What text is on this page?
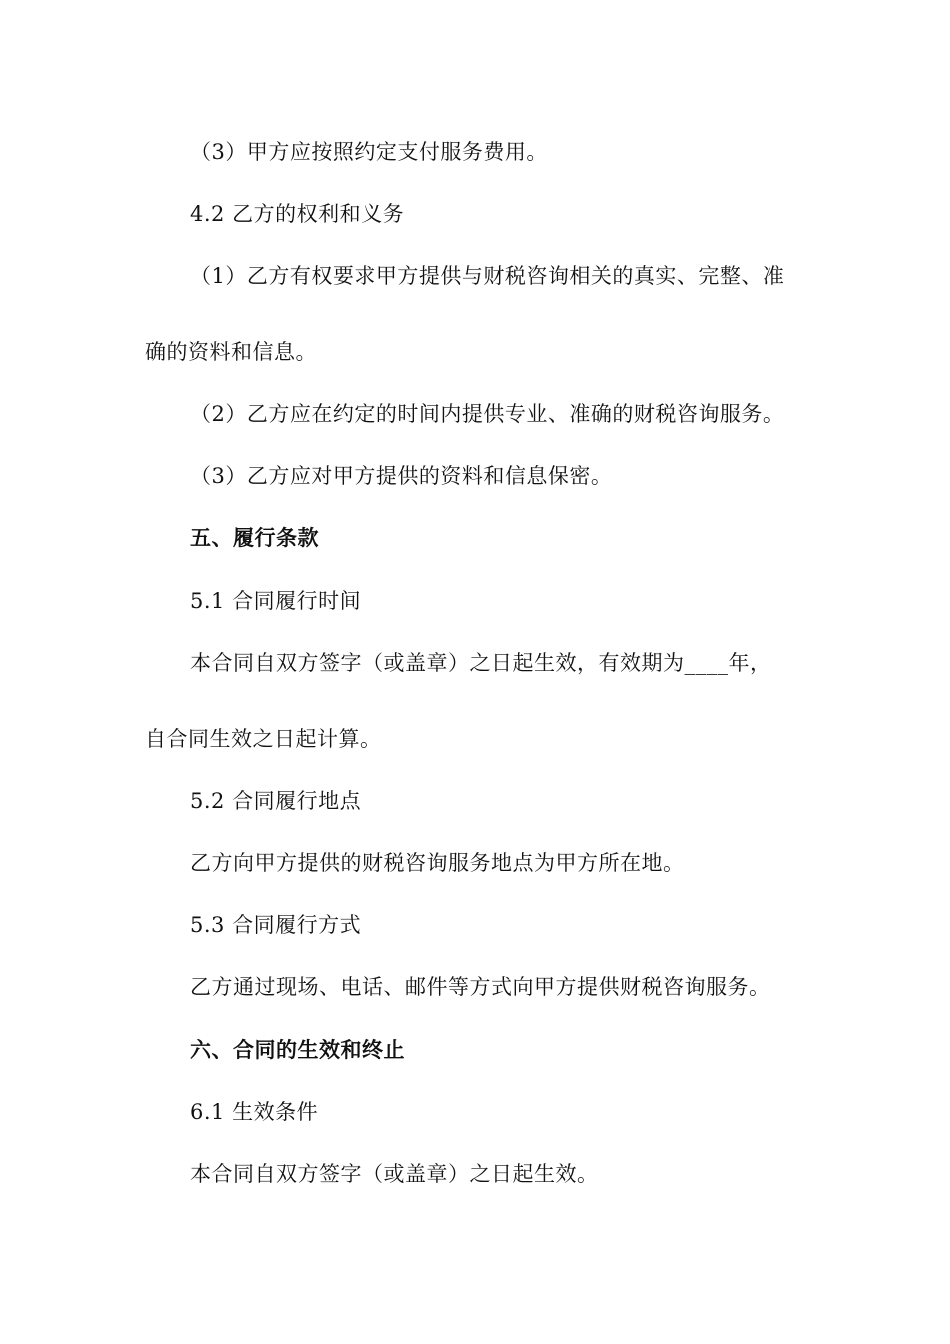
（3）甲方应按照约定支付服务费用。
4.2 乙方的权利和义务
（1）乙方有权要求甲方提供与财税咨询相关的真实、完整、准
确的资料和信息。
（2）乙方应在约定的时间内提供专业、准确的财税咨询服务。
（3）乙方应对甲方提供的资料和信息保密。
五、履行条款
5.1 合同履行时间
本合同自双方签字（或盖章）之日起生效，有效期为____年，
自合同生效之日起计算。
5.2 合同履行地点
乙方向甲方提供的财税咨询服务地点为甲方所在地。
5.3 合同履行方式
乙方通过现场、电话、邮件等方式向甲方提供财税咨询服务。
六、合同的生效和终止
6.1 生效条件
本合同自双方签字（或盖章）之日起生效。
